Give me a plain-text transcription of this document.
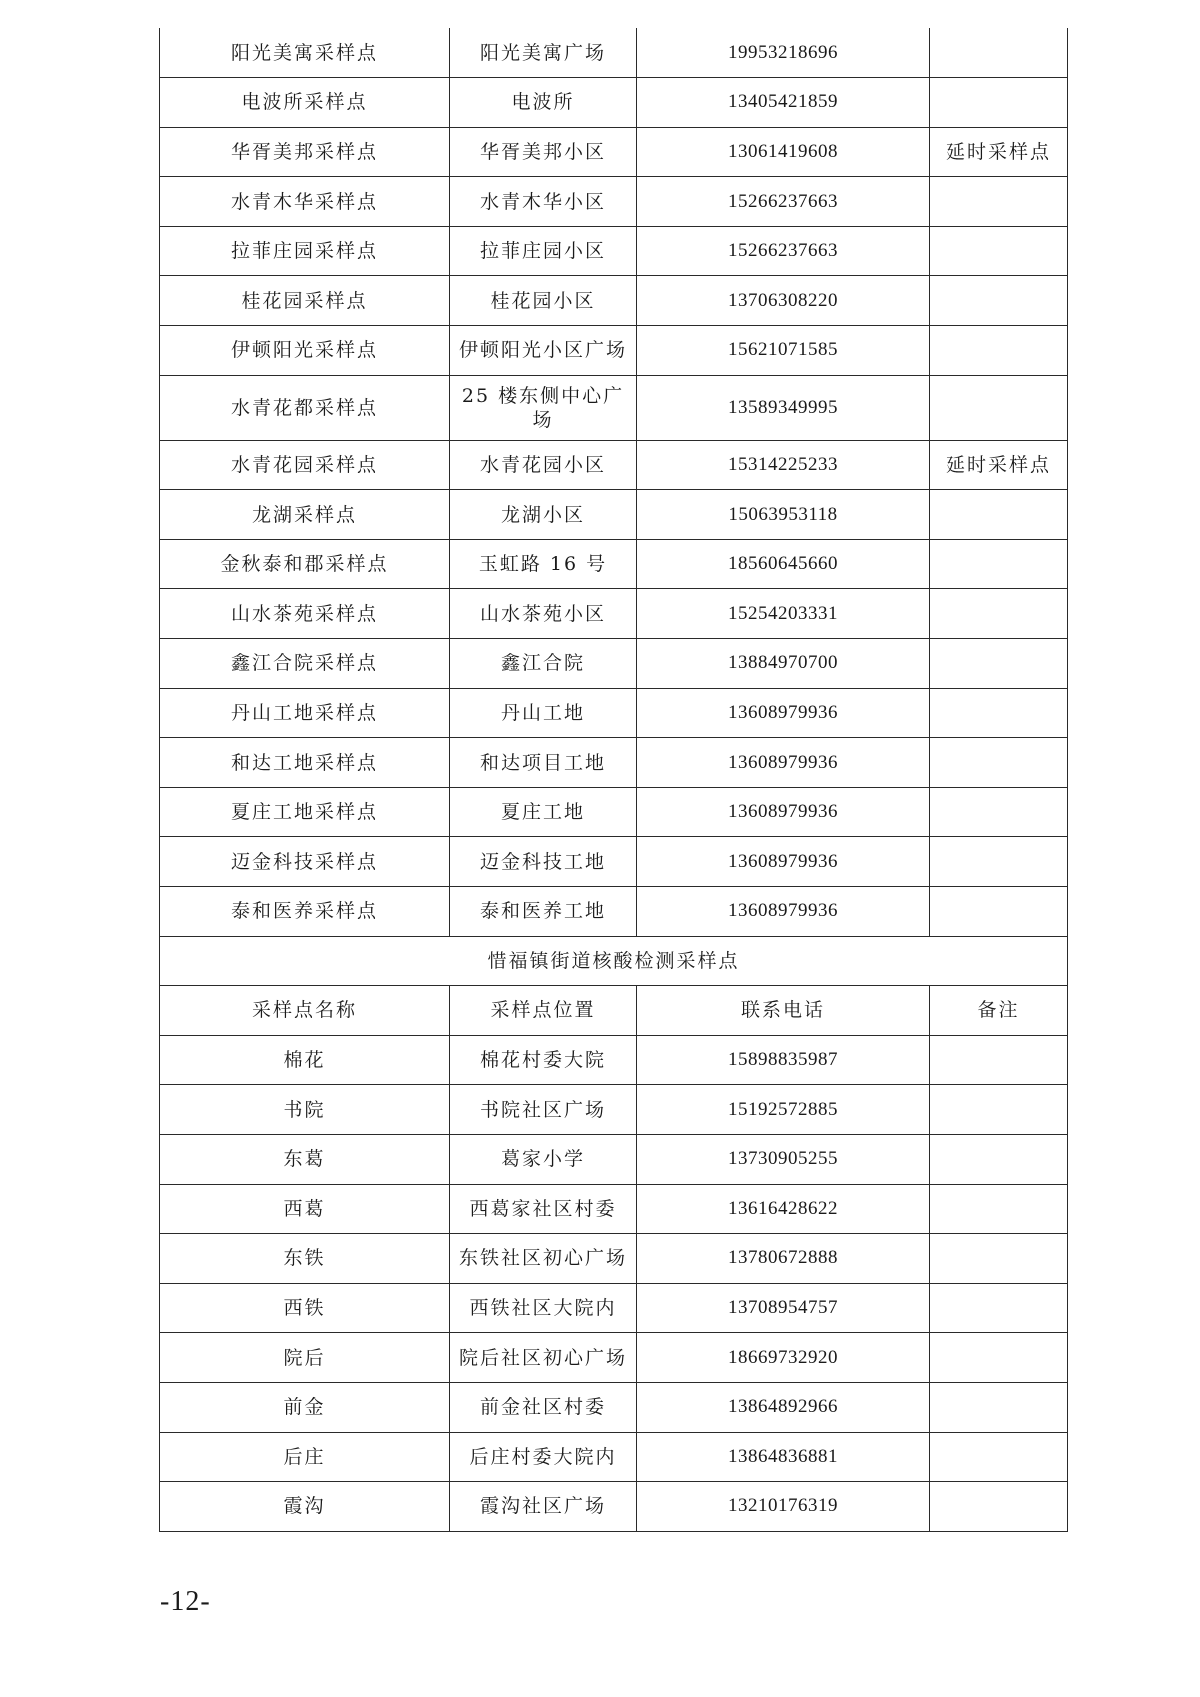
阳光美寓采样点	阳光美寓广场	19953218696	
电波所采样点	电波所	13405421859	
华胥美邦采样点	华胥美邦小区	13061419608	延时采样点
水青木华采样点	水青木华小区	15266237663	
拉菲庄园采样点	拉菲庄园小区	15266237663	
桂花园采样点	桂花园小区	13706308220	
伊顿阳光采样点	伊顿阳光小区广场	15621071585	
水青花都采样点	25 楼东侧中心广场	13589349995	
水青花园采样点	水青花园小区	15314225233	延时采样点
龙湖采样点	龙湖小区	15063953118	
金秋泰和郡采样点	玉虹路 16 号	18560645660	
山水茶苑采样点	山水茶苑小区	15254203331	
鑫江合院采样点	鑫江合院	13884970700	
丹山工地采样点	丹山工地	13608979936	
和达工地采样点	和达项目工地	13608979936	
夏庄工地采样点	夏庄工地	13608979936	
迈金科技采样点	迈金科技工地	13608979936	
泰和医养采样点	泰和医养工地	13608979936	
惜福镇街道核酸检测采样点			
采样点名称	采样点位置	联系电话	备注
棉花	棉花村委大院	15898835987	
书院	书院社区广场	15192572885	
东葛	葛家小学	13730905255	
西葛	西葛家社区村委	13616428622	
东铁	东铁社区初心广场	13780672888	
西铁	西铁社区大院内	13708954757	
院后	院后社区初心广场	18669732920	
前金	前金社区村委	13864892966	
后庄	后庄村委大院内	13864836881	
霞沟	霞沟社区广场	13210176319	
-12-
